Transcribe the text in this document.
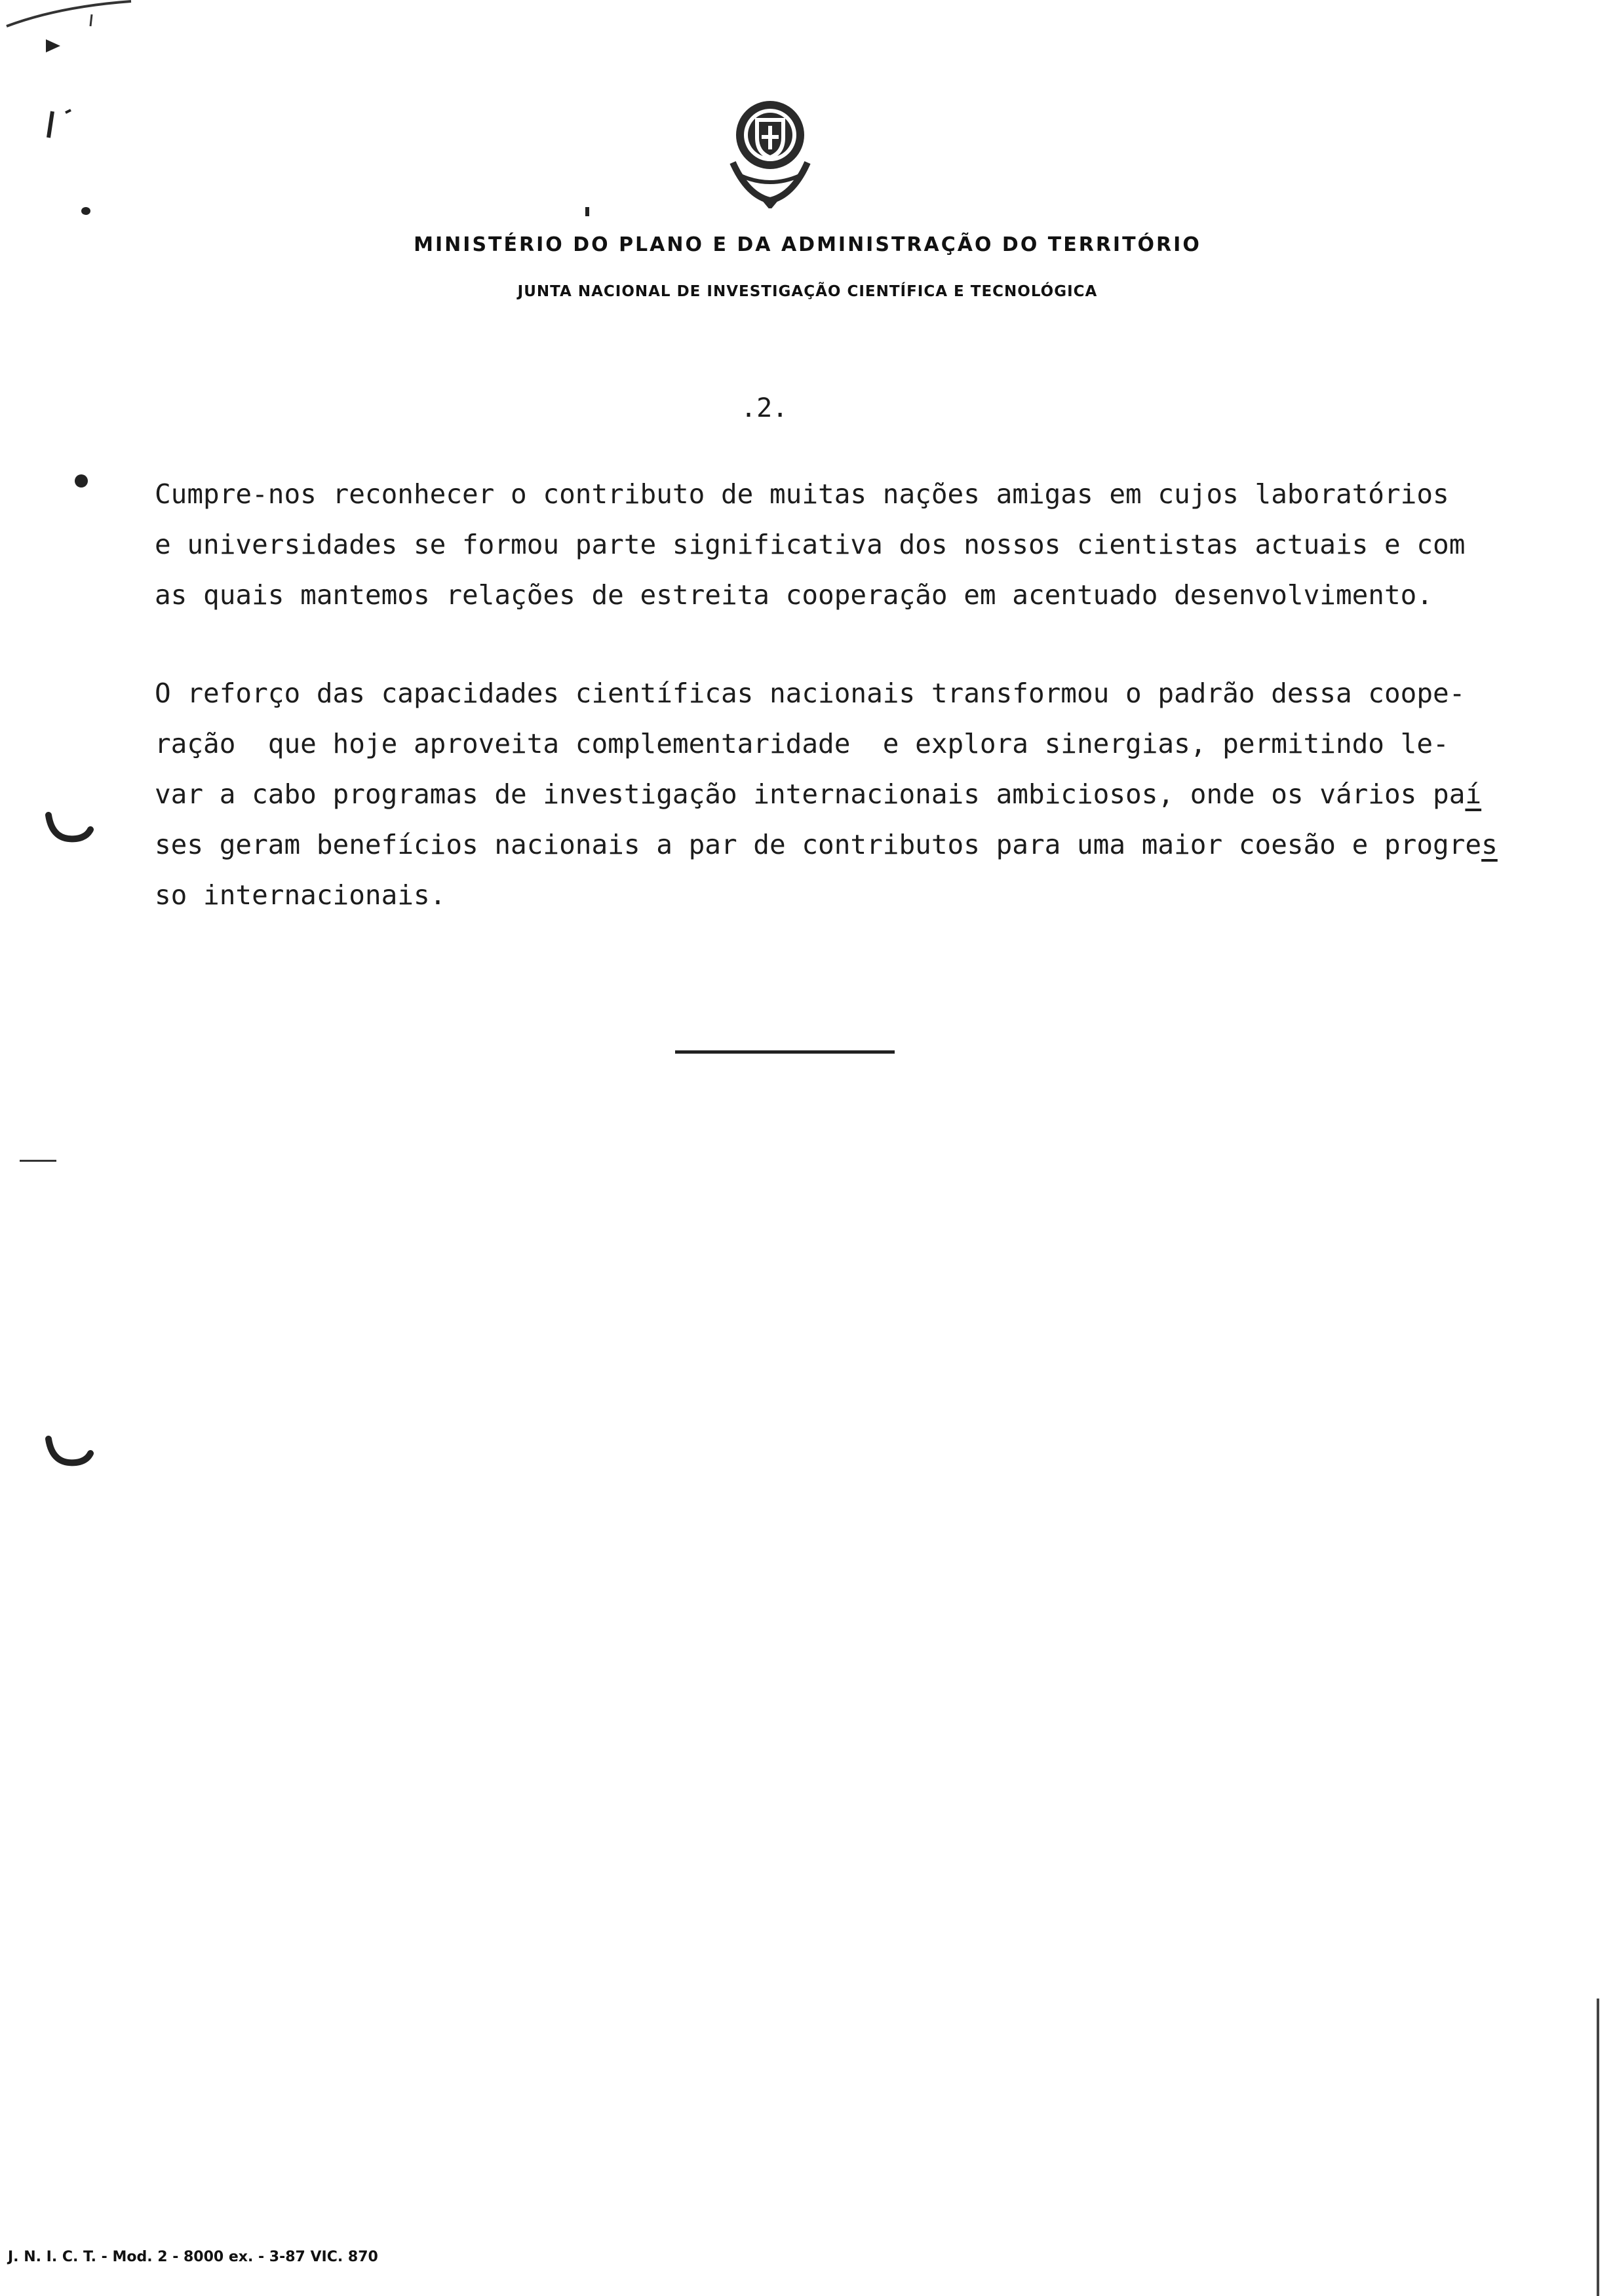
MINISTÉRIO DO PLANO E DA ADMINISTRAÇÃO DO TERRITÓRIO
JUNTA NACIONAL DE INVESTIGAÇÃO CIENTÍFICA E TECNOLÓGICA
.2.
Cumpre-nos reconhecer o contributo de muitas nações amigas em cujos laboratórios
e universidades se formou parte significativa dos nossos cientistas actuais e com
as quais mantemos relações de estreita cooperação em acentuado desenvolvimento.
O reforço das capacidades científicas nacionais transformou o padrão dessa coope-
ração  que hoje aproveita complementaridade  e explora sinergias, permitindo le-
var a cabo programas de investigação internacionais ambiciosos, onde os vários paí
ses geram benefícios nacionais a par de contributos para uma maior coesão e progres
so internacionais.
J. N. I. C. T. - Mod. 2 - 8000 ex. - 3-87 VIC. 870
